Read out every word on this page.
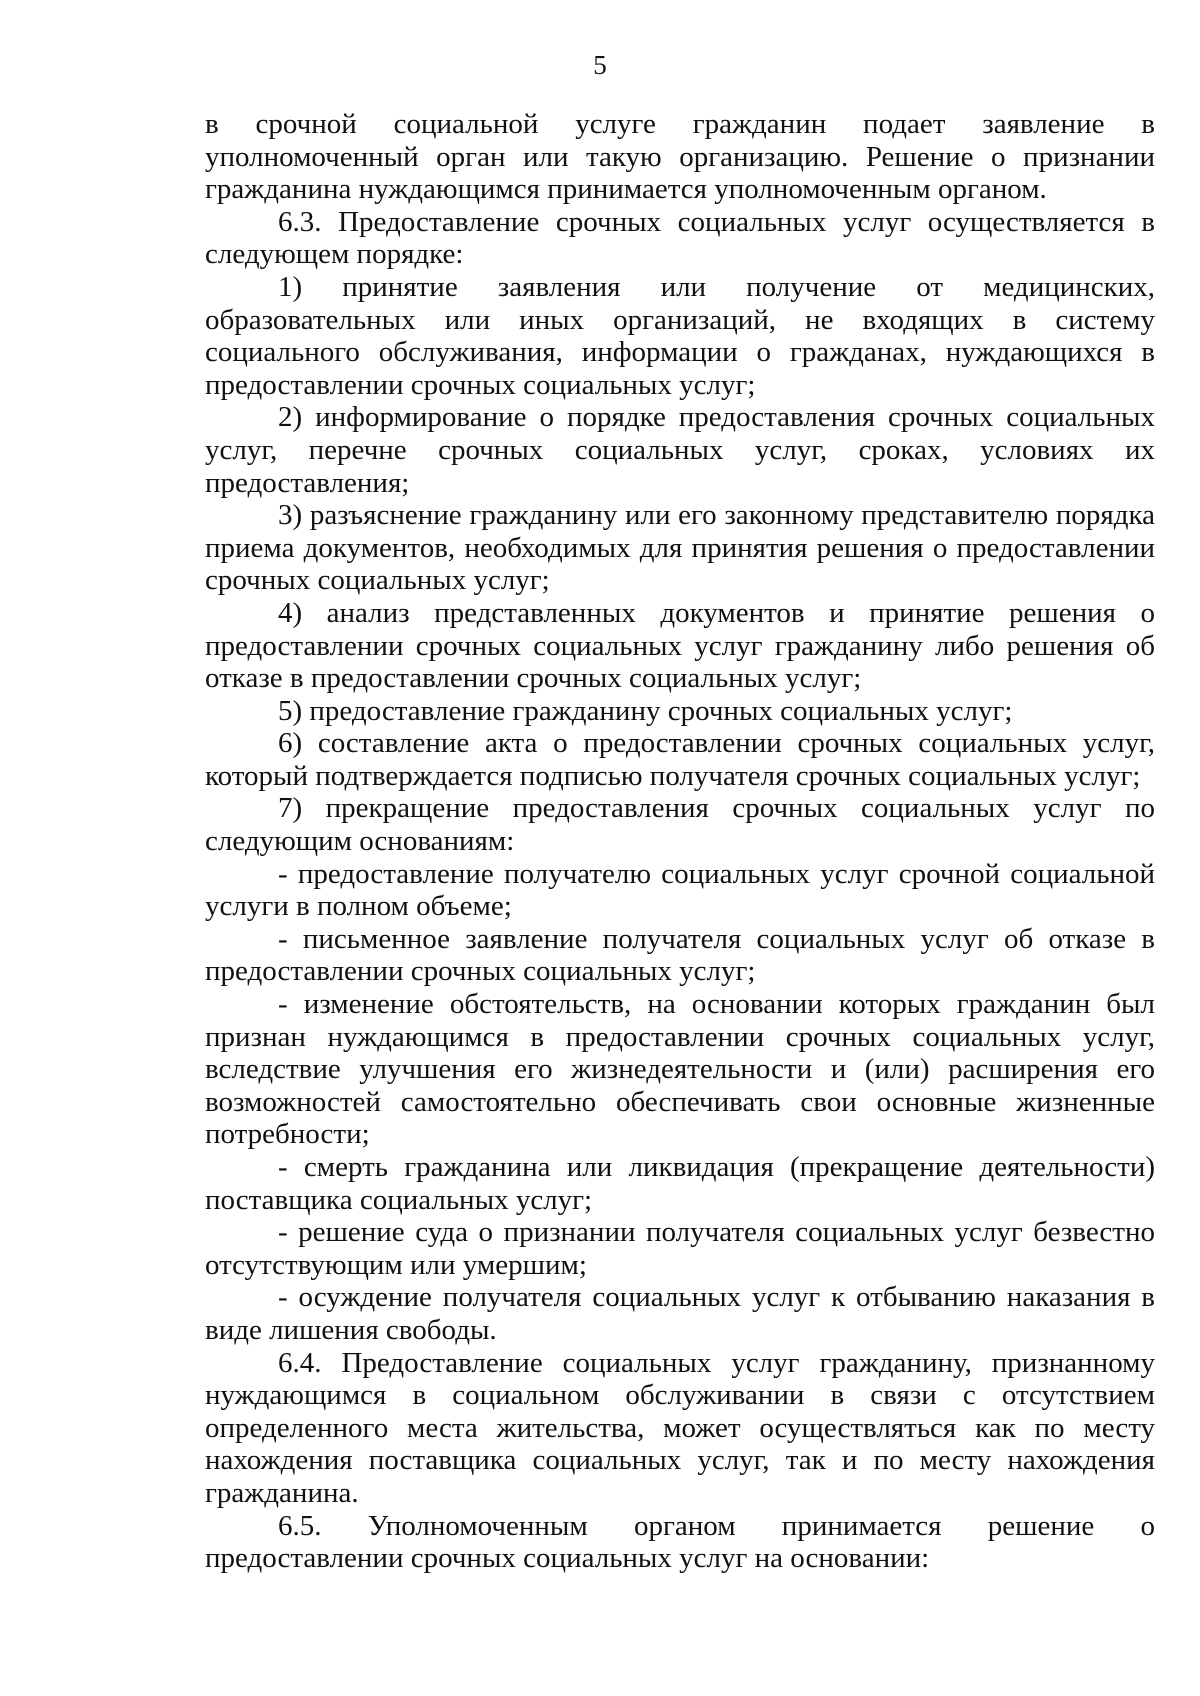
5

в срочной социальной услуге гражданин подает заявление в уполномоченный орган или такую организацию. Решение о признании гражданина нуждающимся принимается уполномоченным органом.

6.3. Предоставление срочных социальных услуг осуществляется в следующем порядке:

1) принятие заявления или получение от медицинских, образовательных или иных организаций, не входящих в систему социального обслуживания, информации о гражданах, нуждающихся в предоставлении срочных социальных услуг;

2) информирование о порядке предоставления срочных социальных услуг, перечне срочных социальных услуг, сроках, условиях их предоставления;

3) разъяснение гражданину или его законному представителю порядка приема документов, необходимых для принятия решения о предоставлении срочных социальных услуг;

4) анализ представленных документов и принятие решения о предоставлении срочных социальных услуг гражданину либо решения об отказе в предоставлении срочных социальных услуг;

5) предоставление гражданину срочных социальных услуг;

6) составление акта о предоставлении срочных социальных услуг, который подтверждается подписью получателя срочных социальных услуг;

7) прекращение предоставления срочных социальных услуг по следующим основаниям:

- предоставление получателю социальных услуг срочной социальной услуги в полном объеме;

- письменное заявление получателя социальных услуг об отказе в предоставлении срочных социальных услуг;

- изменение обстоятельств, на основании которых гражданин был признан нуждающимся в предоставлении срочных социальных услуг, вследствие улучшения его жизнедеятельности и (или) расширения его возможностей самостоятельно обеспечивать свои основные жизненные потребности;

- смерть гражданина или ликвидация (прекращение деятельности) поставщика социальных услуг;

- решение суда о признании получателя социальных услуг безвестно отсутствующим или умершим;

- осуждение получателя социальных услуг к отбыванию наказания в виде лишения свободы.

6.4. Предоставление социальных услуг гражданину, признанному нуждающимся в социальном обслуживании в связи с отсутствием определенного места жительства, может осуществляться как по месту нахождения поставщика социальных услуг, так и по месту нахождения гражданина.

6.5. Уполномоченным органом принимается решение о предоставлении срочных социальных услуг на основании:
